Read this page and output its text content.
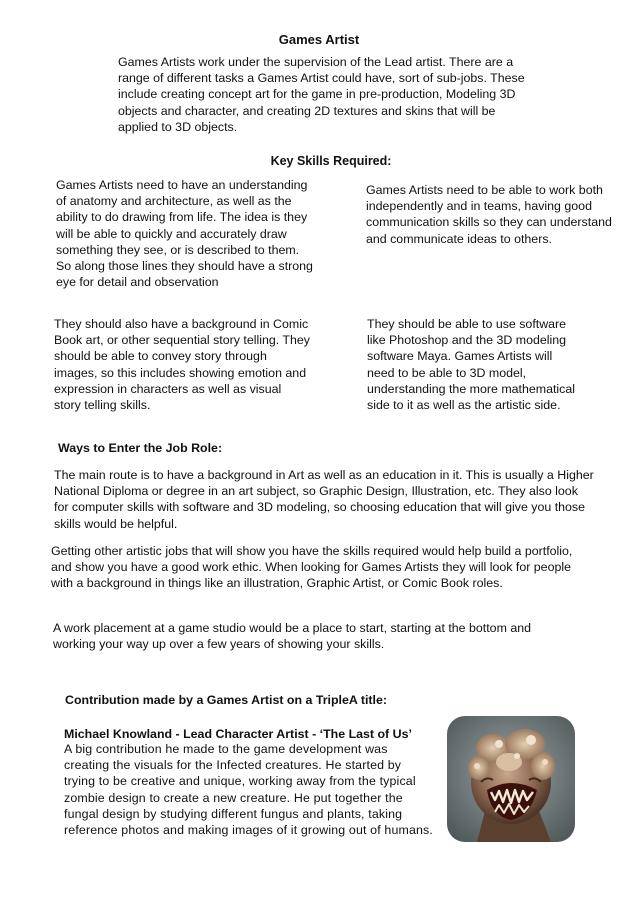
Games Artist
Games Artists work under the supervision of the Lead artist. There are a range of different tasks a Games Artist could have, sort of sub-jobs. These include creating concept art for the game in pre-production, Modeling 3D objects and character, and creating 2D textures and skins that will be applied to 3D objects.
Key Skills Required:
Games Artists need to have an understanding of anatomy and architecture, as well as the ability to do drawing from life. The idea is they will be able to quickly and accurately draw something they see, or is described to them. So along those lines they should have a strong eye for detail and observation
Games Artists need to be able to work both independently and in teams, having good communication skills so they can understand and communicate ideas to others.
They should also have a background in Comic Book art, or other sequential story telling. They should be able to convey story through images, so this includes showing emotion and expression in characters as well as visual story telling skills.
They should be able to use software like Photoshop and the 3D modeling software Maya. Games Artists will need to be able to 3D model, understanding the more mathematical side to it as well as the artistic side.
Ways to Enter the Job Role:
The main route is to have a background in Art as well as an education in it. This is usually a Higher National Diploma or degree in an art subject, so Graphic Design, Illustration, etc. They also look for computer skills with software and 3D modeling, so choosing education that will give you those skills would be helpful.
Getting other artistic jobs that will show you have the skills required would help build a portfolio, and show you have a good work ethic. When looking for Games Artists they will look for people with a background in things like an illustration, Graphic Artist, or Comic Book roles.
A work placement at a game studio would be a place to start, starting at the bottom and working your way up over a few years of showing your skills.
Contribution made by a Games Artist on a TripleA title:
Michael Knowland - Lead Character Artist - ‘The Last of Us’
A big contribution he made to the game development was creating the visuals for the Infected creatures. He started by trying to be creative and unique, working away from the typical zombie design to create a new creature. He put together the fungal design by studying different fungus and plants, taking reference photos and making images of it growing out of humans.
